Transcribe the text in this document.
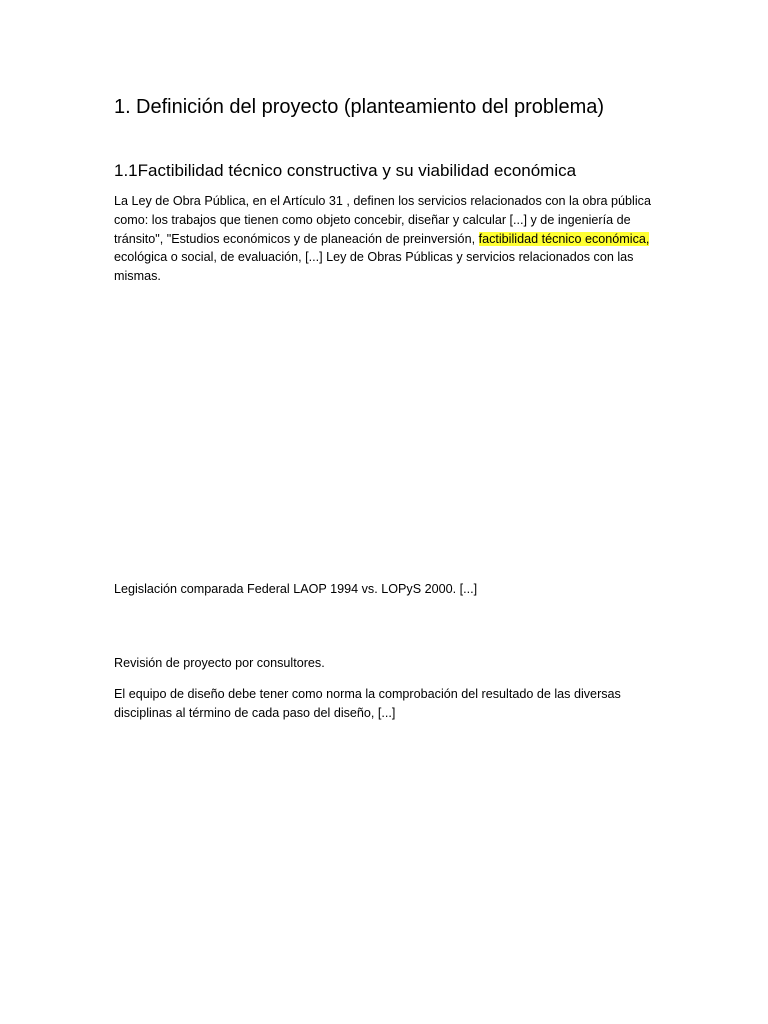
1. Definición del proyecto (planteamiento del problema)
1.1Factibilidad técnico constructiva y su viabilidad económica

La Ley de Obra Pública, en el Artículo 31 , definen los servicios relacionados con la obra pública como: los trabajos que tienen como objeto concebir, diseñar y calcular [...] y de ingeniería de tránsito", "Estudios económicos y de planeación de preinversión, factibilidad técnico económica, ecológica o social, de evaluación, [...] Ley de Obras Públicas y servicios relacionados con las mismas.

Legislación comparada Federal LAOP 1994 vs. LOPyS 2000. [...]

Revisión de proyecto por consultores.

El equipo de diseño debe tener como norma la comprobación del resultado de las diversas disciplinas al término de cada paso del diseño, [...]
